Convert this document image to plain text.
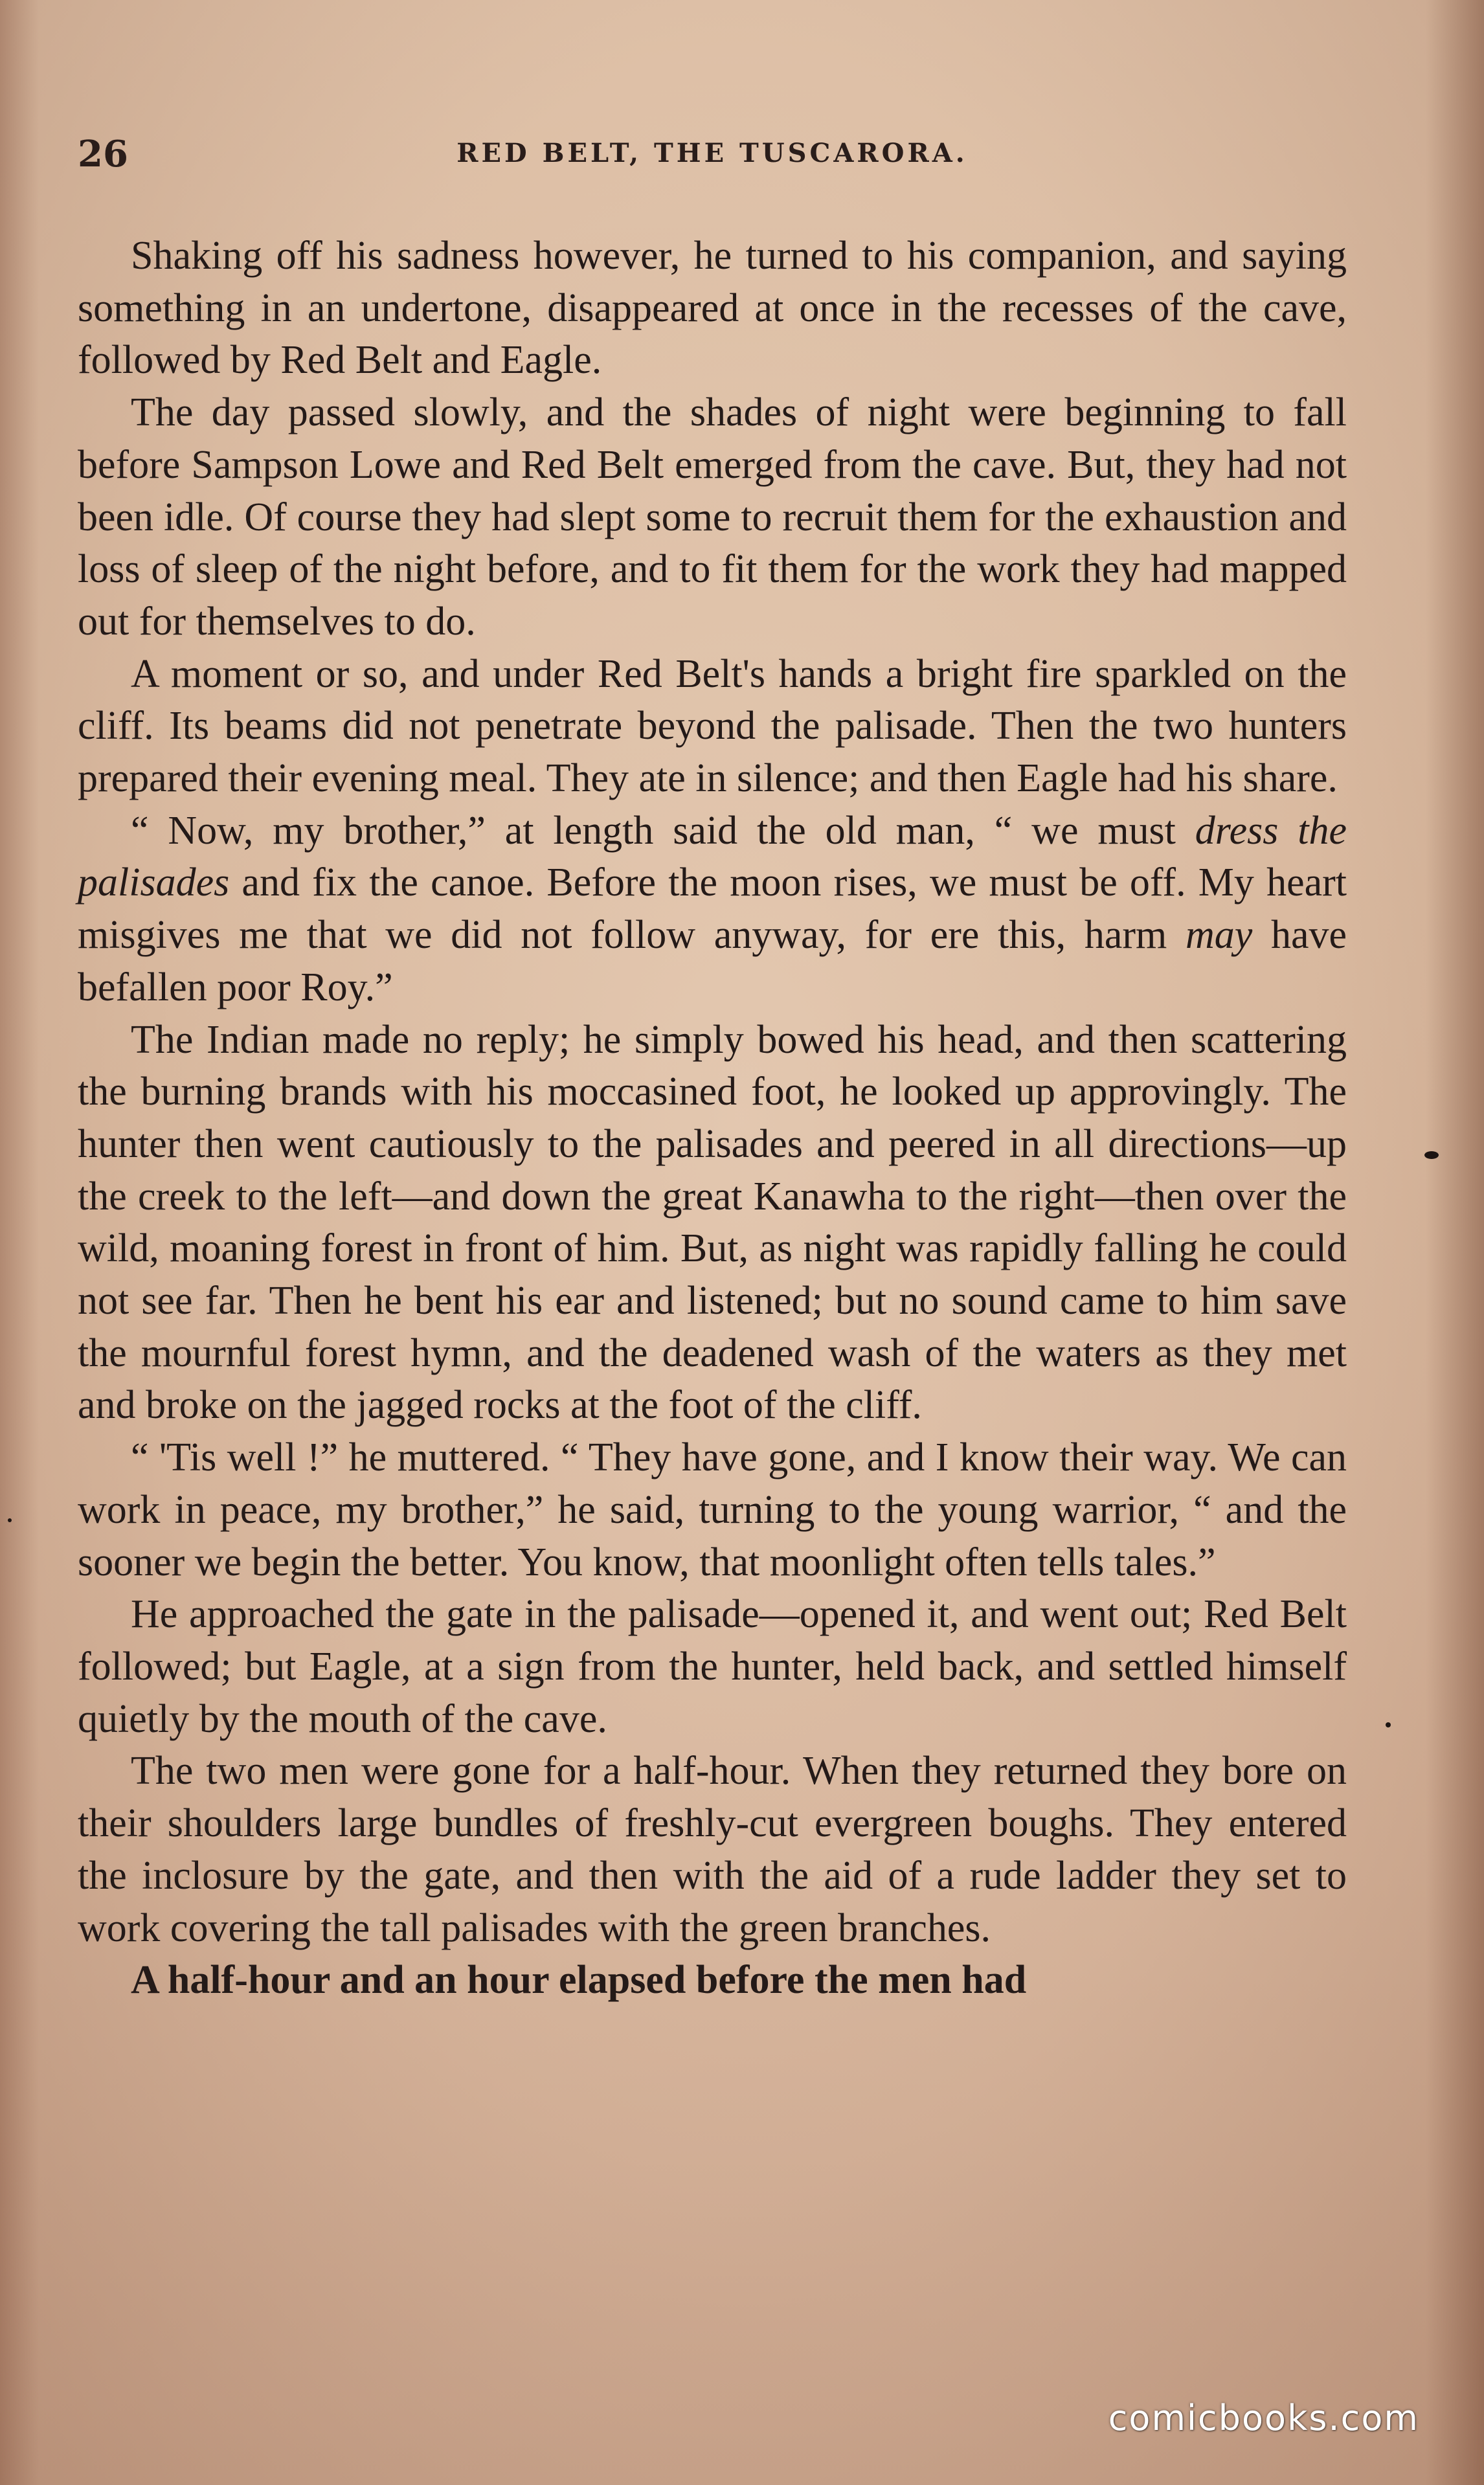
26	RED BELT, THE TUSCARORA.

Shaking off his sadness however, he turned to his companion, and saying something in an undertone, disappeared at once in the recesses of the cave, followed by Red Belt and Eagle.

The day passed slowly, and the shades of night were beginning to fall before Sampson Lowe and Red Belt emerged from the cave. But, they had not been idle. Of course they had slept some to recruit them for the exhaustion and loss of sleep of the night before, and to fit them for the work they had mapped out for themselves to do.

A moment or so, and under Red Belt's hands a bright fire sparkled on the cliff. Its beams did not penetrate beyond the palisade. Then the two hunters prepared their evening meal. They ate in silence; and then Eagle had his share.

“ Now, my brother,” at length said the old man, “ we must dress the palisades and fix the canoe. Before the moon rises, we must be off. My heart misgives me that we did not follow anyway, for ere this, harm may have befallen poor Roy.”

The Indian made no reply; he simply bowed his head, and then scattering the burning brands with his moccasined foot, he looked up approvingly. The hunter then went cautiously to the palisades and peered in all directions—up the creek to the left—and down the great Kanawha to the right—then over the wild, moaning forest in front of him. But, as night was rapidly falling he could not see far. Then he bent his ear and listened; but no sound came to him save the mournful forest hymn, and the deadened wash of the waters as they met and broke on the jagged rocks at the foot of the cliff.

“ 'Tis well !” he muttered. “ They have gone, and I know their way. We can work in peace, my brother,” he said, turning to the young warrior, “ and the sooner we begin the better. You know, that moonlight often tells tales.”

He approached the gate in the palisade—opened it, and went out; Red Belt followed; but Eagle, at a sign from the hunter, held back, and settled himself quietly by the mouth of the cave.

The two men were gone for a half-hour. When they returned they bore on their shoulders large bundles of freshly-cut evergreen boughs. They entered the inclosure by the gate, and then with the aid of a rude ladder they set to work covering the tall palisades with the green branches.

A half-hour and an hour elapsed before the men had

comicbooks.com
